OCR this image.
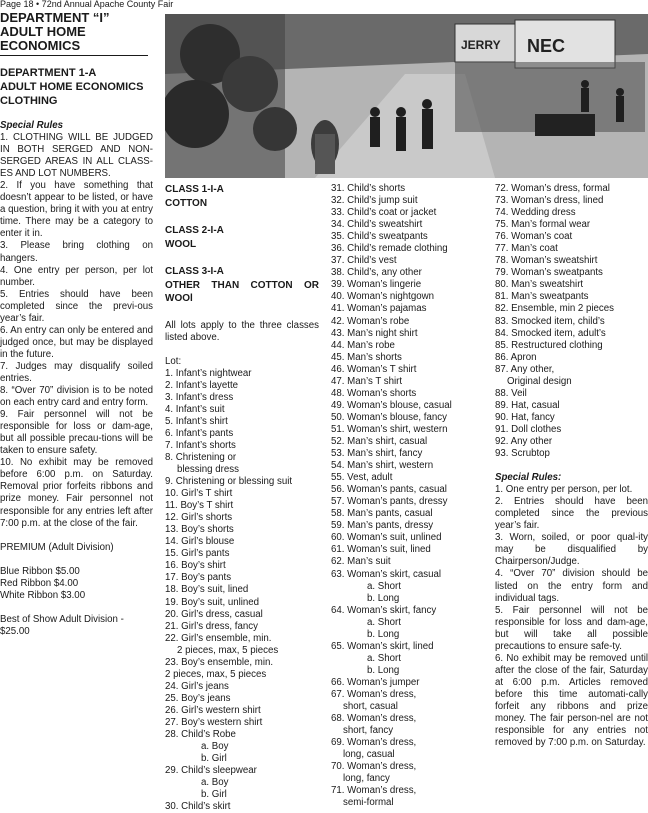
Page 18 • 72nd Annual Apache County Fair
DEPARTMENT “I”
ADULT HOME
ECONOMICS
DEPARTMENT 1-A
ADULT HOME ECONOMICS
CLOTHING
Special Rules
1. CLOTHING WILL BE JUDGED IN BOTH SERGED AND NON-SERGED AREAS IN ALL CLASS-ES AND LOT NUMBERS.
2. If you have something that doesn’t appear to be listed, or have a question, bring it with you at entry time. There may be a category to enter it in.
3. Please bring clothing on hangers.
4. One entry per person, per lot number.
5. Entries should have been completed since the previ-ous year’s fair.
6. An entry can only be entered and judged once, but may be displayed in the future.
7. Judges may disqualify soiled entries.
8. “Over 70” division is to be noted on each entry card and entry form.
9. Fair personnel will not be responsible for loss or dam-age, but all possible precau-tions will be taken to ensure safety.
10. No exhibit may be removed before 6:00 p.m. on Saturday. Removal prior forfeits ribbons and prize money. Fair personnel not responsible for any entries left after 7:00 p.m. at the close of the fair.
PREMIUM (Adult Division)
Blue Ribbon $5.00
Red Ribbon $4.00
White Ribbon $3.00
Best of Show Adult Division - $25.00
JERRY NEC
CLASS 1-I-A
COTTON
CLASS 2-I-A
WOOL
CLASS 3-I-A
OTHER THAN COTTON OR WOOl
All lots apply to the three classes listed above.
Lot:
1. Infant’s nightwear
2. Infant’s layette
3. Infant’s dress
4. Infant’s suit
5. Infant’s shirt
6. Infant’s pants
7. Infant’s shorts
8. Christening or
blessing dress
9. Christening or blessing suit
10. Girl’s T shirt
11. Boy’s T shirt
12. Girl’s shorts
13. Boy’s shorts
14. Girl’s blouse
15. Girl’s pants
16. Boy’s shirt
17. Boy’s pants
18. Boy’s suit, lined
19. Boy’s suit, unlined
20. Girl’s dress, casual
21. Girl’s dress, fancy
22. Girl’s ensemble, min.
2 pieces, max, 5 pieces
23. Boy’s ensemble, min.
2 pieces, max, 5 pieces
24. Girl’s jeans
25. Boy’s jeans
26. Girl’s western shirt
27. Boy’s western shirt
28. Child’s Robe
a. Boy
b. Girl
29. Child’s sleepwear
a. Boy
b. Girl
30. Child’s skirt
31. Child’s shorts
32. Child’s jump suit
33. Child’s coat or jacket
34. Child’s sweatshirt
35. Child’s sweatpants
36. Child’s remade clothing
37. Child’s vest
38. Child’s, any other
39. Woman’s lingerie
40. Woman’s nightgown
41. Woman’s pajamas
42. Woman’s robe
43. Man’s night shirt
44. Man’s robe
45. Man’s shorts
46. Woman’s T shirt
47. Man’s T shirt
48. Woman’s shorts
49. Woman’s blouse, casual
50. Woman’s blouse, fancy
51. Woman’s shirt, western
52. Man’s shirt, casual
53. Man’s shirt, fancy
54. Man’s shirt, western
55. Vest, adult
56. Woman’s pants, casual
57. Woman’s pants, dressy
58. Man’s pants, casual
59. Man’s pants, dressy
60. Woman’s suit, unlined
61. Woman’s suit, lined
62. Man’s suit
63. Woman’s skirt, casual
a. Short
b. Long
64. Woman’s skirt, fancy
a. Short
b. Long
65. Woman’s skirt, lined
a. Short
b. Long
66. Woman’s jumper
67. Woman’s dress,
short, casual
68. Woman’s dress,
short, fancy
69. Woman’s dress,
long, casual
70. Woman’s dress,
long, fancy
71. Woman’s dress,
semi-formal
72. Woman’s dress, formal
73. Woman’s dress, lined
74. Wedding dress
75. Man’s formal wear
76. Woman’s coat
77. Man’s coat
78. Woman’s sweatshirt
79. Woman’s sweatpants
80. Man’s sweatshirt
81. Man’s sweatpants
82. Ensemble, min 2 pieces
83. Smocked item, child’s
84. Smocked item, adult’s
85. Restructured clothing
86. Apron
87. Any other,
Original design
88. Veil
89. Hat, casual
90. Hat, fancy
91. Doll clothes
92. Any other
93. Scrubtop
Special Rules:
1. One entry per person, per lot.
2. Entries should have been completed since the previous year’s fair.
3. Worn, soiled, or poor qual-ity may be disqualified by Chairperson/Judge.
4. “Over 70” division should be listed on the entry form and individual tags.
5. Fair personnel will not be responsible for loss and dam-age, but will take all possible precautions to ensure safe-ty.
6. No exhibit may be removed until after the close of the fair, Saturday at 6:00 p.m. Articles removed before this time automati-cally forfeit any ribbons and prize money. The fair person-nel are not responsible for any entries not removed by 7:00 p.m. on Saturday.
